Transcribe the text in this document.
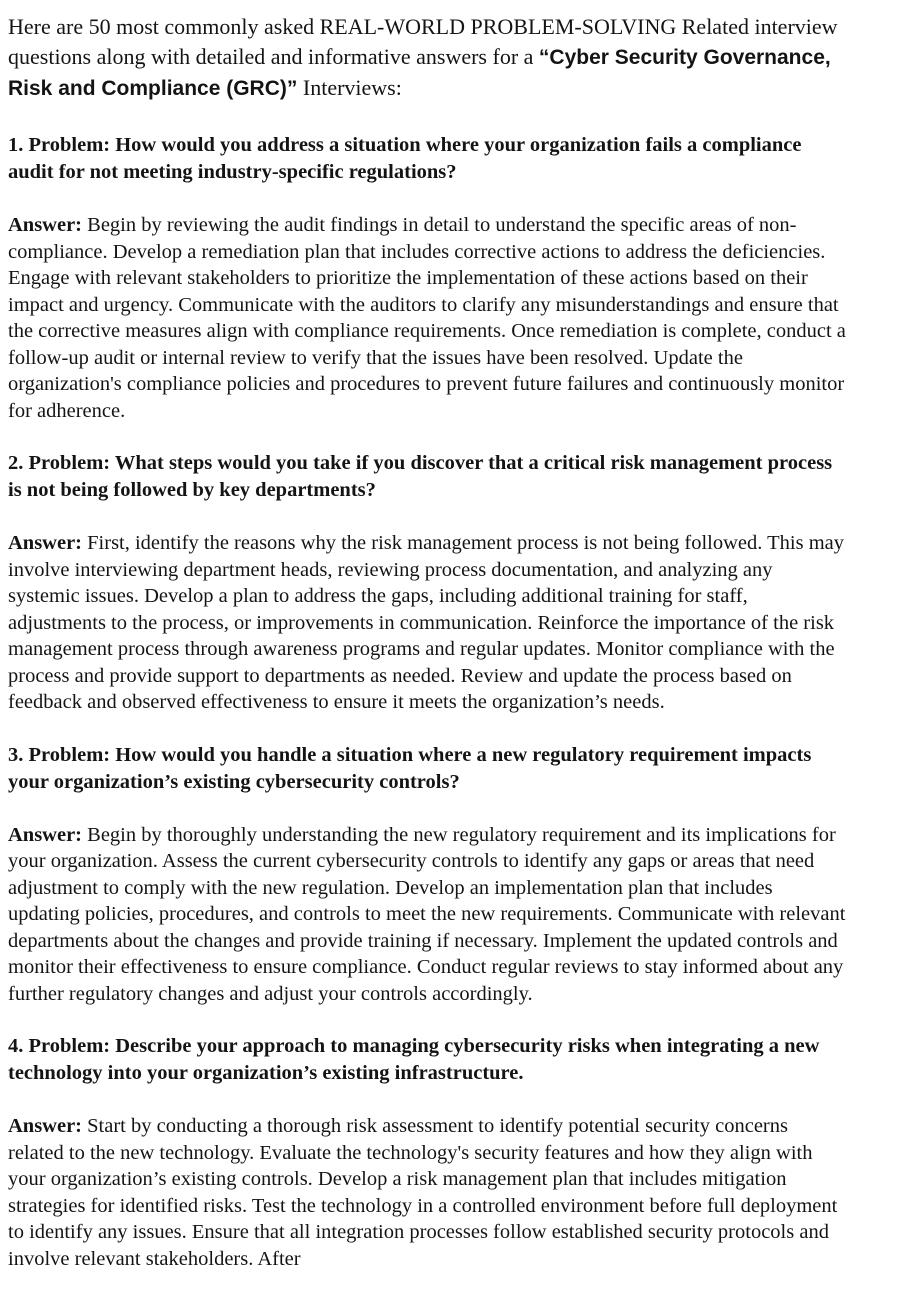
Here are 50 most commonly asked REAL-WORLD PROBLEM-SOLVING Related interview questions along with detailed and informative answers for a “Cyber Security Governance, Risk and Compliance (GRC)” Interviews:

1. Problem: How would you address a situation where your organization fails a compliance audit for not meeting industry-specific regulations?

Answer: Begin by reviewing the audit findings in detail to understand the specific areas of non-compliance. Develop a remediation plan that includes corrective actions to address the deficiencies. Engage with relevant stakeholders to prioritize the implementation of these actions based on their impact and urgency. Communicate with the auditors to clarify any misunderstandings and ensure that the corrective measures align with compliance requirements. Once remediation is complete, conduct a follow-up audit or internal review to verify that the issues have been resolved. Update the organization's compliance policies and procedures to prevent future failures and continuously monitor for adherence.

2. Problem: What steps would you take if you discover that a critical risk management process is not being followed by key departments?

Answer: First, identify the reasons why the risk management process is not being followed. This may involve interviewing department heads, reviewing process documentation, and analyzing any systemic issues. Develop a plan to address the gaps, including additional training for staff, adjustments to the process, or improvements in communication. Reinforce the importance of the risk management process through awareness programs and regular updates. Monitor compliance with the process and provide support to departments as needed. Review and update the process based on feedback and observed effectiveness to ensure it meets the organization’s needs.

3. Problem: How would you handle a situation where a new regulatory requirement impacts your organization’s existing cybersecurity controls?

Answer: Begin by thoroughly understanding the new regulatory requirement and its implications for your organization. Assess the current cybersecurity controls to identify any gaps or areas that need adjustment to comply with the new regulation. Develop an implementation plan that includes updating policies, procedures, and controls to meet the new requirements. Communicate with relevant departments about the changes and provide training if necessary. Implement the updated controls and monitor their effectiveness to ensure compliance. Conduct regular reviews to stay informed about any further regulatory changes and adjust your controls accordingly.

4. Problem: Describe your approach to managing cybersecurity risks when integrating a new technology into your organization’s existing infrastructure.

Answer: Start by conducting a thorough risk assessment to identify potential security concerns related to the new technology. Evaluate the technology's security features and how they align with your organization’s existing controls. Develop a risk management plan that includes mitigation strategies for identified risks. Test the technology in a controlled environment before full deployment to identify any issues. Ensure that all integration processes follow established security protocols and involve relevant stakeholders. After
